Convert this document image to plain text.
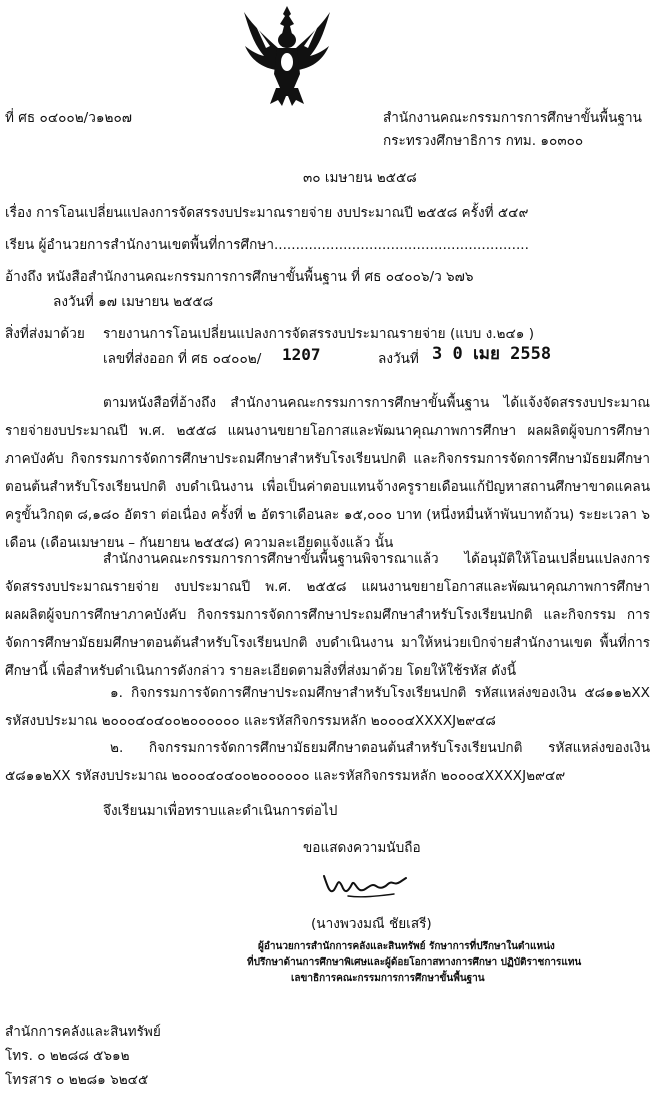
ที่ ศธ ๐๔๐๐๒/ว๑๒๐๗	สำนักงานคณะกรรมการการศึกษาขั้นพื้นฐาน
กระทรวงศึกษาธิการ กทม. ๑๐๓๐๐
๓๐ เมษายน ๒๕๕๘
เรื่อง การโอนเปลี่ยนแปลงการจัดสรรงบประมาณรายจ่าย งบประมาณปี ๒๕๕๘ ครั้งที่ ๕๔๙
เรียน ผู้อำนวยการสำนักงานเขตพื้นที่การศึกษา...........................................................
อ้างถึง หนังสือสำนักงานคณะกรรมการการศึกษาขั้นพื้นฐาน ที่ ศธ ๐๔๐๐๖/ว ๖๗๖
ลงวันที่ ๑๗ เมษายน ๒๕๕๘
สิ่งที่ส่งมาด้วย รายงานการโอนเปลี่ยนแปลงการจัดสรรงบประมาณรายจ่าย (แบบ ง.๒๔๑ )
เลขที่ส่งออก ที่ ศธ ๐๔๐๐๒/ 1207	ลงวันที่ 3 0 เมย 2558
ตามหนังสือที่อ้างถึง สำนักงานคณะกรรมการการศึกษาขั้นพื้นฐาน ได้แจ้งจัดสรรงบประมาณ รายจ่ายงบประมาณปี พ.ศ. ๒๕๕๘ แผนงานขยายโอกาสและพัฒนาคุณภาพการศึกษา ผลผลิตผู้จบการศึกษา ภาคบังคับ กิจกรรมการจัดการศึกษาประถมศึกษาสำหรับโรงเรียนปกติ และกิจกรรมการจัดการศึกษามัธยมศึกษา ตอนต้นสำหรับโรงเรียนปกติ งบดำเนินงาน เพื่อเป็นค่าตอบแทนจ้างครูรายเดือนแก้ปัญหาสถานศึกษาขาดแคลน ครูขั้นวิกฤต ๘,๑๘๐ อัตรา ต่อเนื่อง ครั้งที่ ๒ อัตราเดือนละ ๑๕,๐๐๐ บาท (หนึ่งหมื่นห้าพันบาทถ้วน) ระยะเวลา ๖ เดือน (เดือนเมษายน – กันยายน ๒๕๕๘) ความละเอียดแจ้งแล้ว นั้น
สำนักงานคณะกรรมการการศึกษาขั้นพื้นฐานพิจารณาแล้ว ได้อนุมัติให้โอนเปลี่ยนแปลงการ จัดสรรงบประมาณรายจ่าย งบประมาณปี พ.ศ. ๒๕๕๘ แผนงานขยายโอกาสและพัฒนาคุณภาพการศึกษา ผลผลิตผู้จบการศึกษาภาคบังคับ กิจกรรมการจัดการศึกษาประถมศึกษาสำหรับโรงเรียนปกติ และกิจกรรม การจัดการศึกษามัธยมศึกษาตอนต้นสำหรับโรงเรียนปกติ งบดำเนินงาน มาให้หน่วยเบิกจ่ายสำนักงานเขต พื้นที่การศึกษานี้ เพื่อสำหรับดำเนินการดังกล่าว รายละเอียดตามสิ่งที่ส่งมาด้วย โดยให้ใช้รหัส ดังนี้
๑. กิจกรรมการจัดการศึกษาประถมศึกษาสำหรับโรงเรียนปกติ รหัสแหล่งของเงิน ๕๘๑๑๒XX รหัสงบประมาณ ๒๐๐๐๔๐๔๐๐๒๐๐๐๐๐๐ และรหัสกิจกรรมหลัก ๒๐๐๐๔XXXXJ๒๙๔๘
๒. กิจกรรมการจัดการศึกษามัธยมศึกษาตอนต้นสำหรับโรงเรียนปกติ รหัสแหล่งของเงิน ๕๘๑๑๒XX รหัสงบประมาณ ๒๐๐๐๔๐๔๐๐๒๐๐๐๐๐๐ และรหัสกิจกรรมหลัก ๒๐๐๐๔XXXXJ๒๙๔๙
จึงเรียนมาเพื่อทราบและดำเนินการต่อไป
ขอแสดงความนับถือ
(นางพวงมณี ชัยเสรี)
ผู้อำนวยการสำนักการคลังและสินทรัพย์ รักษาการที่ปรึกษาในตำแหน่ง
ที่ปรึกษาด้านการศึกษาพิเศษและผู้ด้อยโอกาสทางการศึกษา ปฏิบัติราชการแทน
เลขาธิการคณะกรรมการการศึกษาขั้นพื้นฐาน
สำนักการคลังและสินทรัพย์
โทร. ๐ ๒๒๘๘ ๕๖๑๒
โทรสาร ๐ ๒๒๘๑ ๖๒๔๕
